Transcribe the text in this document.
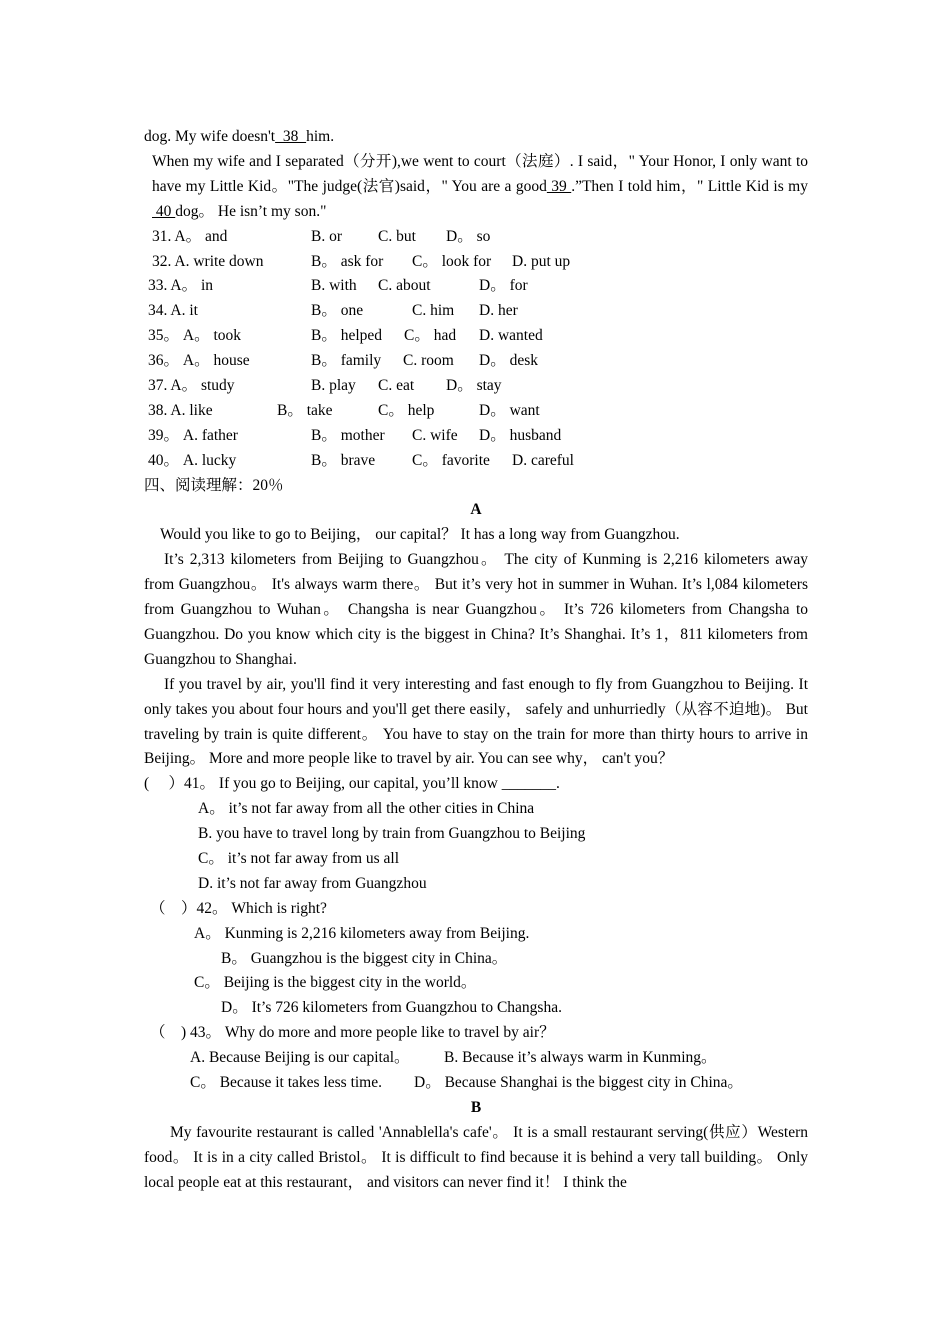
dog. My wife doesn't  38  him.
When my wife and I separated（分开),we went to court（法庭）. I said，" Your Honor, I only want to have my Little Kid。"The judge(法官)said，" You are a good 39 .”Then I told him，" Little Kid is my 40 dog。 He isn’t my son."
31. A。 and	B. or C. but D。 so
32. A. write down	B。 ask for C。 look for D. put up
33. A。 in	B. with C. about	D。 for
34. A. it	B。 one	C. him D. her
35。 A。 took	B。 helped C。 had D. wanted
36。 A。 house	B。 family C. room D。 desk
37. A。 study	B. play C. eat D。 stay
38. A. like	B。 take	C。 help	D。 want
39。 A. father	B。 mother C. wife D。 husband
40。 A. lucky	B。 brave C。 favorite D. careful
四、阅读理解：20％
A
Would you like to go to Beijing， our capital？ It has a long way from Guangzhou.
It’s 2,313 kilometers from Beijing to Guangzhou。 The city of Kunming is 2,216 kilometers away from Guangzhou。 It's always warm there。 But it’s very hot in summer in Wuhan. It’s l,084 kilometers from Guangzhou to Wuhan。 Changsha is near Guangzhou。 It’s 726 kilometers from Changsha to Guangzhou. Do you know which city is the biggest in China? It’s Shanghai. It’s 1，811 kilometers from Guangzhou to Shanghai.
If you travel by air, you'll find it very interesting and fast enough to fly from Guangzhou to Beijing. It only takes you about four hours and you'll get there easily， safely and unhurriedly（从容不迫地)。 But traveling by train is quite different。 You have to stay on the train for more than thirty hours to arrive in Beijing。 More and more people like to travel by air. You can see why， can't you？
(　 ）41。 If you go to Beijing, our capital, you’ll know _______.
A。 it’s not far away from all the other cities in China
B. you have to travel long by train from Guangzhou to Beijing
C。 it’s not far away from us all
D. it’s not far away from Guangzhou
（　）42。 Which is right?
A。 Kunming is 2,216 kilometers away from Beijing.
B。 Guangzhou is the biggest city in China。
C。 Beijing is the biggest city in the world。
D。 It’s 726 kilometers from Guangzhou to Changsha.
（　) 43。 Why do more and more people like to travel by air？
A. Because Beijing is our capital。 B. Because it’s always warm in Kunming。
C。 Because it takes less time. D。 Because Shanghai is the biggest city in China。
B
My favourite restaurant is called 'Annablella's cafe'。 It is a small restaurant serving(供应）Western food。 It is in a city called Bristol。 It is difficult to find because it is behind a very tall building。 Only local people eat at this restaurant， and visitors can never find it！ I think the
